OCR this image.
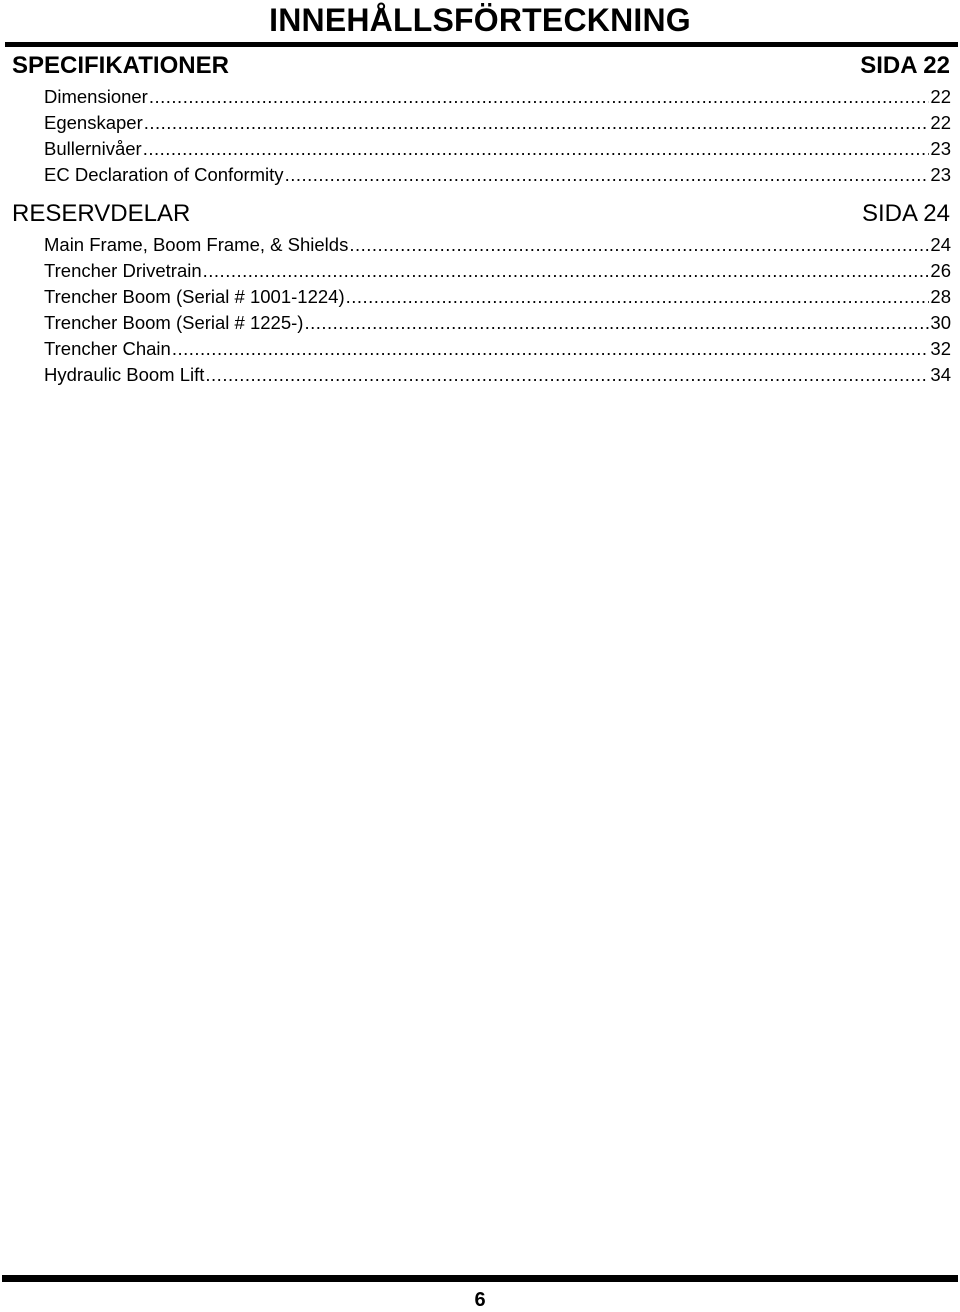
INNEHÅLLSFÖRTECKNING
SPECIFIKATIONER	SIDA 22
Dimensioner .....	22
Egenskaper .....	22
Bullernivåer .....	23
EC Declaration of Conformity .....	23
RESERVDELAR	SIDA 24
Main Frame, Boom Frame, & Shields .....	24
Trencher Drivetrain .....	26
Trencher Boom (Serial # 1001-1224) .....	28
Trencher Boom (Serial # 1225-) .....	30
Trencher Chain .....	32
Hydraulic Boom Lift .....	34
6
